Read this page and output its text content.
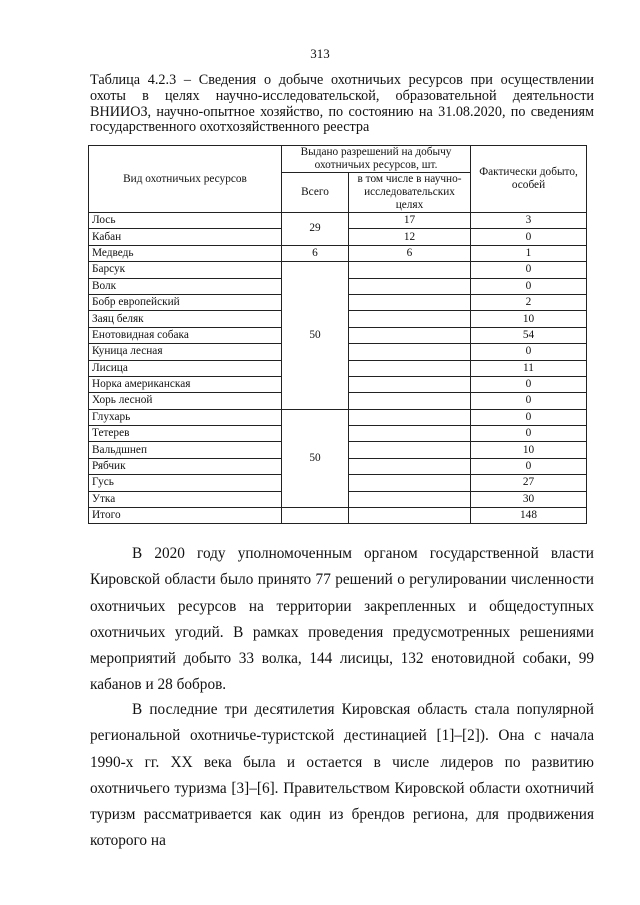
313
Таблица 4.2.3 – Сведения о добыче охотничьих ресурсов при осуществлении охоты в целях научно-исследовательской, образовательной деятельности ВНИИОЗ, научно-опытное хозяйство, по состоянию на 31.08.2020, по сведениям государственного охотхозяйственного реестра
Вид охотничьих ресурсов	Выдано разрешений на добычу охотничьих ресурсов, шт.		Фактически добыто, особей
	Всего	в том числе в научно-исследовательских целях	
Лось	29	17	3
Кабан		12	0
Медведь	6	6	1
Барсук	50		0
Волк			0
Бобр европейский			2
Заяц беляк			10
Енотовидная собака			54
Куница лесная			0
Лисица			11
Норка американская			0
Хорь лесной			0
Глухарь	50		0
Тетерев			0
Вальдшнеп			10
Рябчик			0
Гусь			27
Утка			30
Итого			148

В 2020 году уполномоченным органом государственной власти Кировской области было принято 77 решений о регулировании численности охотничьих ресурсов на территории закрепленных и общедоступных охотничьих угодий. В рамках проведения предусмотренных решениями мероприятий добыто 33 волка, 144 лисицы, 132 енотовидной собаки, 99 кабанов и 28 бобров.

В последние три десятилетия Кировская область стала популярной региональной охотничье-туристской дестинацией [1]–[2]). Она с начала 1990-х гг. XX века была и остается в числе лидеров по развитию охотничьего туризма [3]–[6]. Правительством Кировской области охотничий туризм рассматривается как один из брендов региона, для продвижения которого на
